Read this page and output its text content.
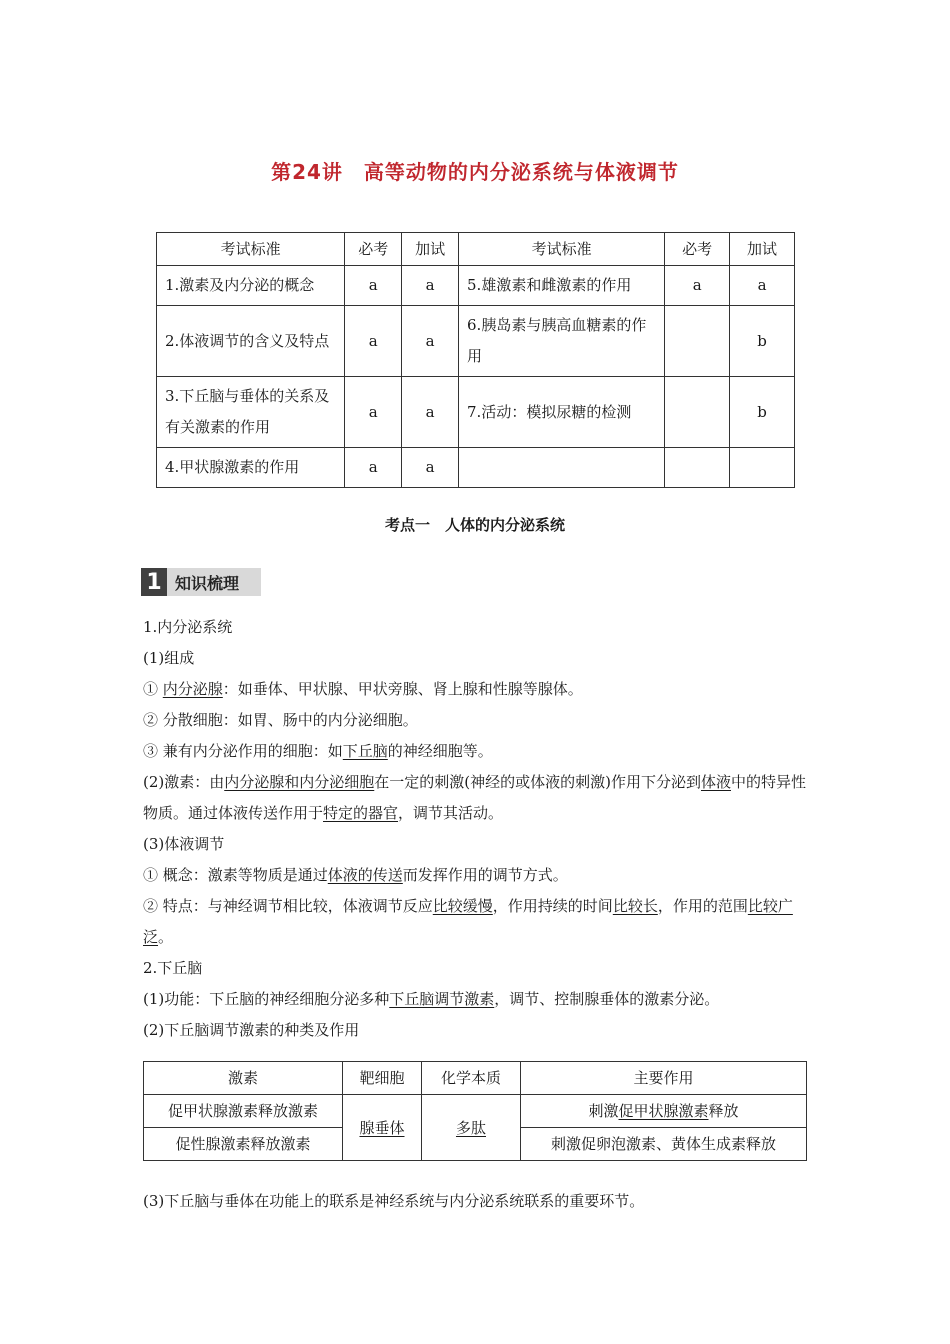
第24讲　高等动物的内分泌系统与体液调节
考试标准	必考	加试	考试标准	必考	加试
1.激素及内分泌的概念	a	a	5.雄激素和雌激素的作用	a	a
2.体液调节的含义及特点	a	a	6.胰岛素与胰高血糖素的作用		b
3.下丘脑与垂体的关系及有关激素的作用	a	a	7.活动：模拟尿糖的检测		b
4.甲状腺激素的作用	a	a			
考点一　人体的内分泌系统
1 知识梳理

1.内分泌系统

(1)组成

① 内分泌腺：如垂体、甲状腺、甲状旁腺、肾上腺和性腺等腺体。

② 分散细胞：如胃、肠中的内分泌细胞。

③ 兼有内分泌作用的细胞：如下丘脑的神经细胞等。

(2)激素：由内分泌腺和内分泌细胞在一定的刺激(神经的或体液的刺激)作用下分泌到体液中的特异性物质。通过体液传送作用于特定的器官，调节其活动。

(3)体液调节

① 概念：激素等物质是通过体液的传送而发挥作用的调节方式。

② 特点：与神经调节相比较，体液调节反应比较缓慢，作用持续的时间比较长，作用的范围比较广泛。

2.下丘脑

(1)功能：下丘脑的神经细胞分泌多种下丘脑调节激素，调节、控制腺垂体的激素分泌。

(2)下丘脑调节激素的种类及作用

激素	靶细胞	化学本质	主要作用
促甲状腺激素释放激素	腺垂体	多肽	刺激促甲状腺激素释放
促性腺激素释放激素			刺激促卵泡激素、黄体生成素释放
(3)下丘脑与垂体在功能上的联系是神经系统与内分泌系统联系的重要环节。
